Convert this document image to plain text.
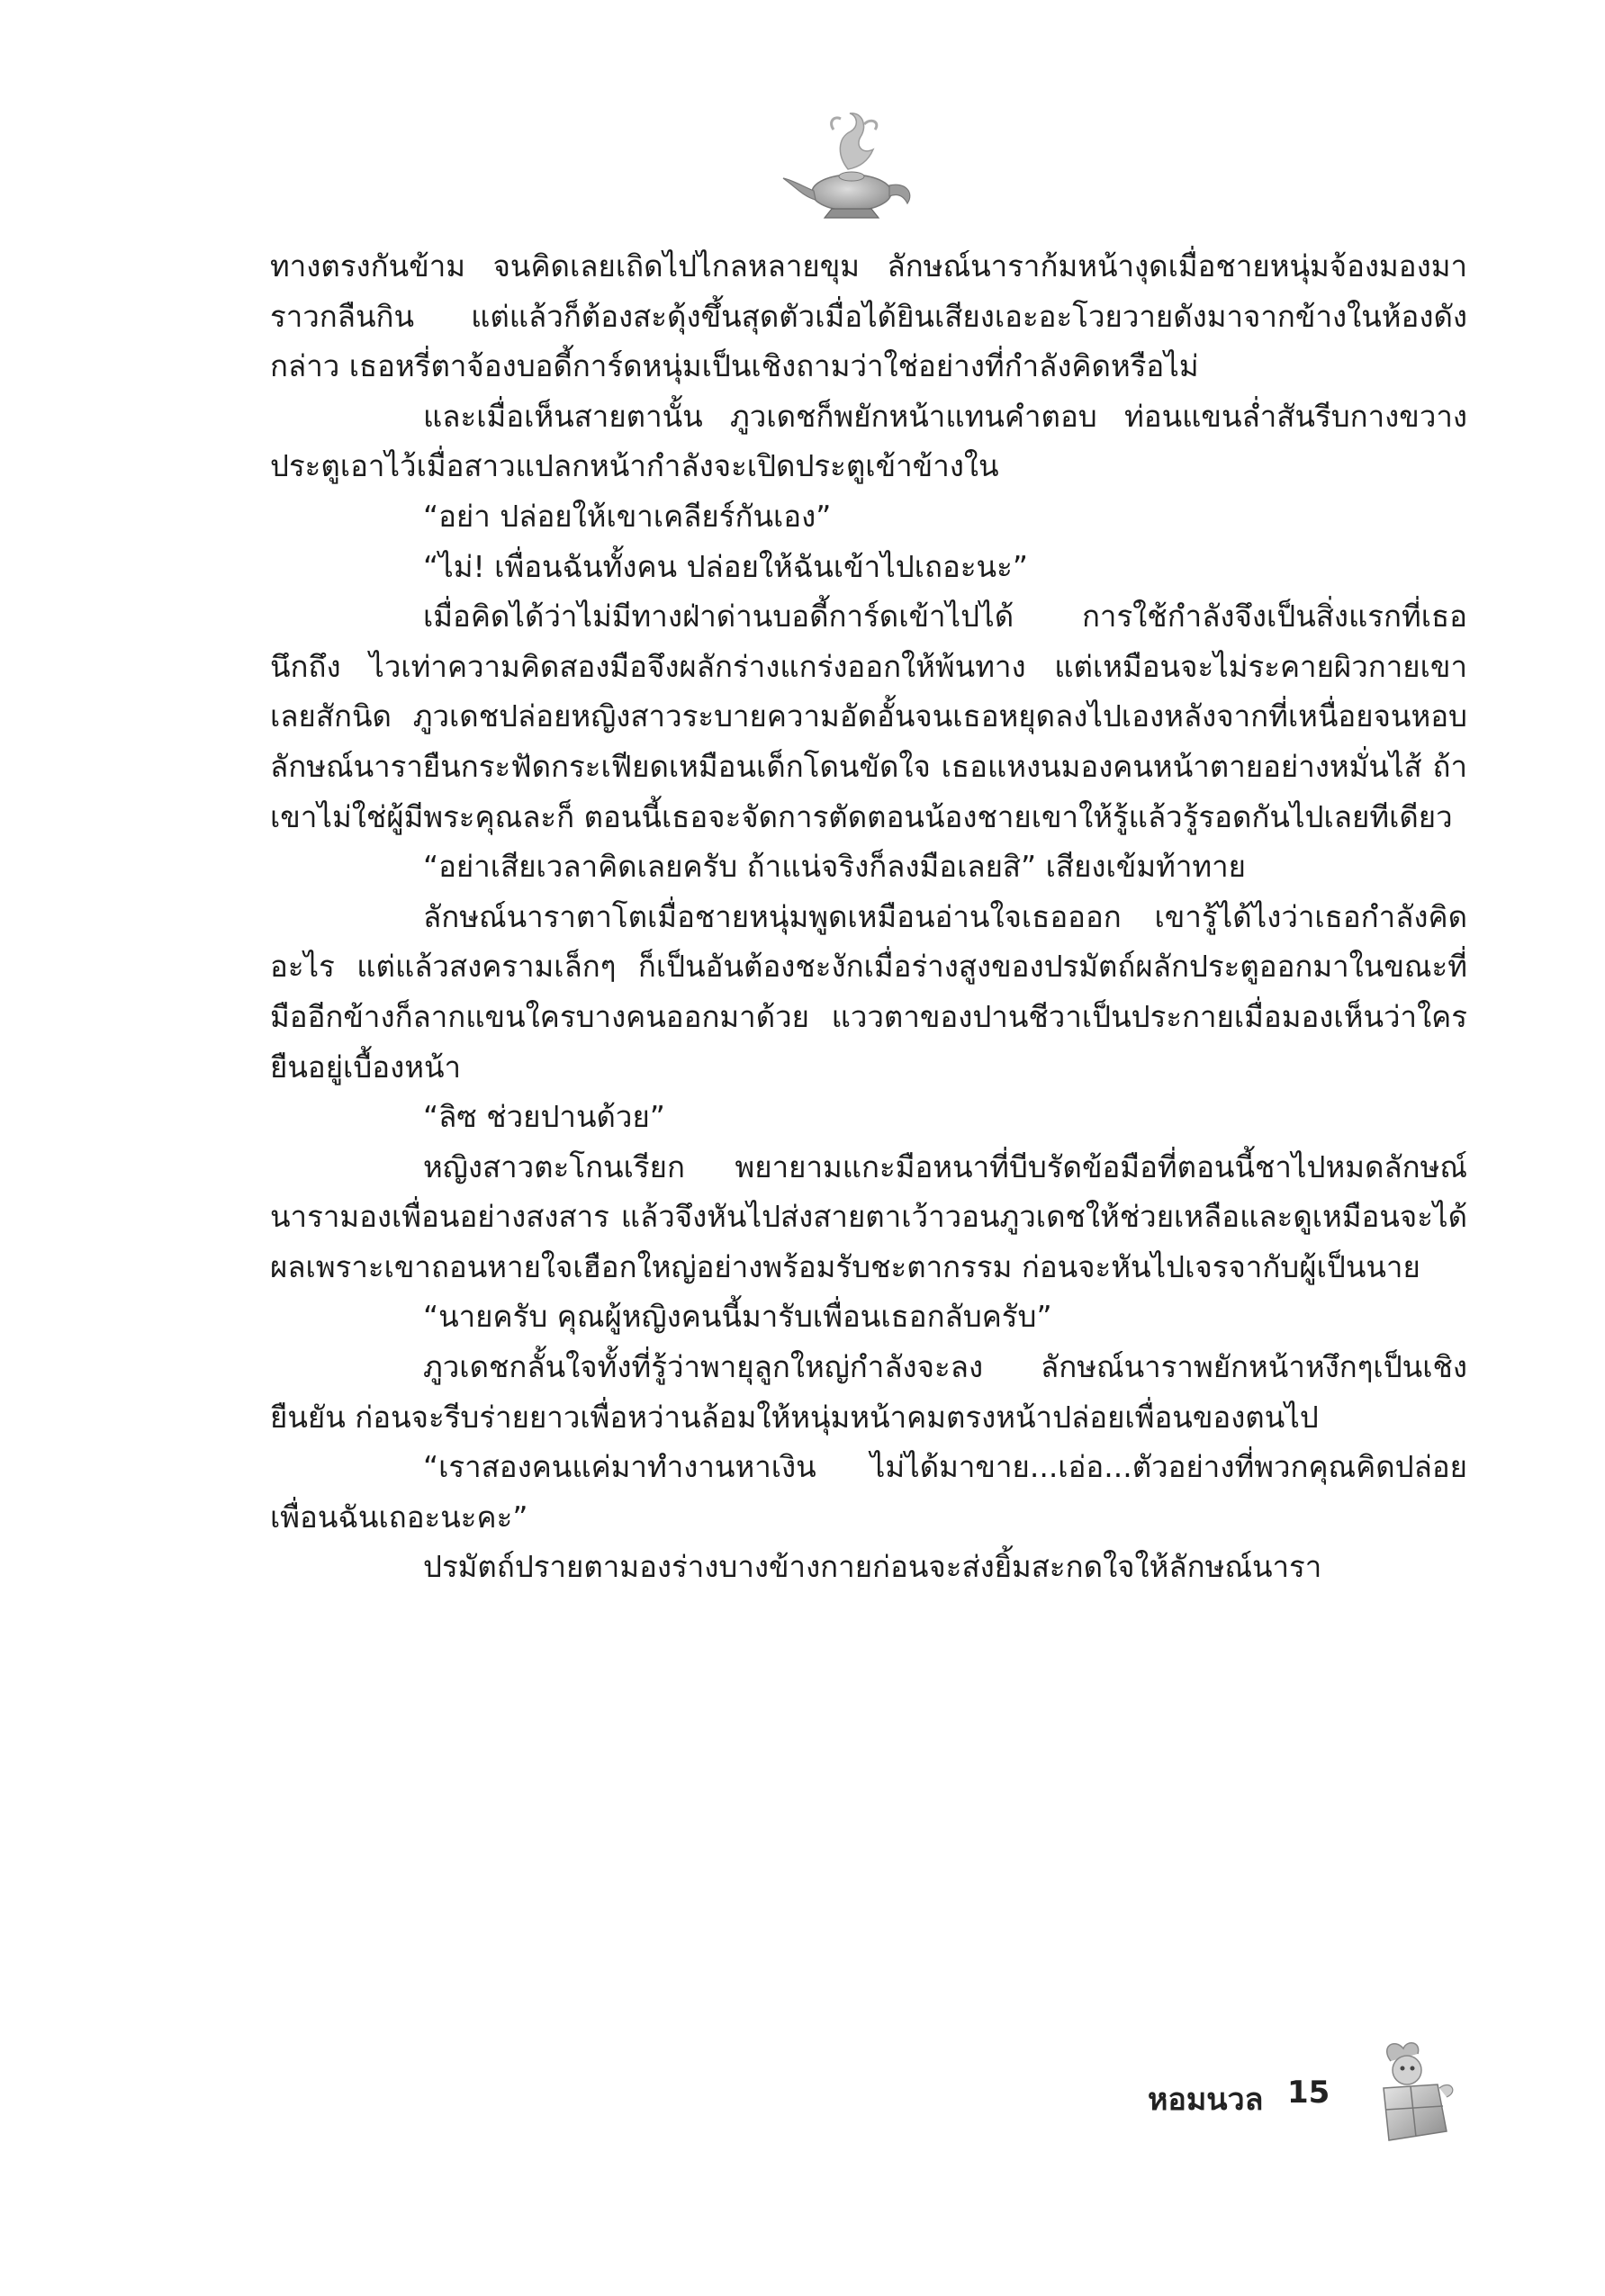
ทางตรงกันข้าม จนคิดเลยเถิดไปไกลหลายขุม ลักษณ์นาราก้มหน้างุดเมื่อชายหนุ่มจ้องมองมาราวกลืนกิน แต่แล้วก็ต้องสะดุ้งขึ้นสุดตัวเมื่อได้ยินเสียงเอะอะโวยวายดังมาจากข้างในห้องดังกล่าว เธอหรี่ตาจ้องบอดี้การ์ดหนุ่มเป็นเชิงถามว่าใช่อย่างที่กำลังคิดหรือไม่

และเมื่อเห็นสายตานั้น ภูวเดชก็พยักหน้าแทนคำตอบ ท่อนแขนล่ำสันรีบกางขวางประตูเอาไว้เมื่อสาวแปลกหน้ากำลังจะเปิดประตูเข้าข้างใน

“อย่า ปล่อยให้เขาเคลียร์กันเอง”

“ไม่! เพื่อนฉันทั้งคน ปล่อยให้ฉันเข้าไปเถอะนะ”

เมื่อคิดได้ว่าไม่มีทางฝ่าด่านบอดี้การ์ดเข้าไปได้ การใช้กำลังจึงเป็นสิ่งแรกที่เธอนึกถึง ไวเท่าความคิดสองมือจึงผลักร่างแกร่งออกให้พ้นทาง แต่เหมือนจะไม่ระคายผิวกายเขาเลยสักนิด ภูวเดชปล่อยหญิงสาวระบายความอัดอั้นจนเธอหยุดลงไปเองหลังจากที่เหนื่อยจนหอบ ลักษณ์นารายืนกระฟัดกระเฟียดเหมือนเด็กโดนขัดใจ เธอแหงนมองคนหน้าตายอย่างหมั่นไส้ ถ้าเขาไม่ใช่ผู้มีพระคุณละก็ ตอนนี้เธอจะจัดการตัดตอนน้องชายเขาให้รู้แล้วรู้รอดกันไปเลยทีเดียว

“อย่าเสียเวลาคิดเลยครับ ถ้าแน่จริงก็ลงมือเลยสิ” เสียงเข้มท้าทาย

ลักษณ์นาราตาโตเมื่อชายหนุ่มพูดเหมือนอ่านใจเธอออก เขารู้ได้ไงว่าเธอกำลังคิดอะไร แต่แล้วสงครามเล็กๆ ก็เป็นอันต้องชะงักเมื่อร่างสูงของปรมัตถ์ผลักประตูออกมาในขณะที่มืออีกข้างก็ลากแขนใครบางคนออกมาด้วย แววตาของปานชีวาเป็นประกายเมื่อมองเห็นว่าใครยืนอยู่เบื้องหน้า

“ลิซ ช่วยปานด้วย”

หญิงสาวตะโกนเรียก พยายามแกะมือหนาที่บีบรัดข้อมือที่ตอนนี้ชาไปหมดลักษณ์นารามองเพื่อนอย่างสงสาร แล้วจึงหันไปส่งสายตาเว้าวอนภูวเดชให้ช่วยเหลือและดูเหมือนจะได้ผลเพราะเขาถอนหายใจเฮือกใหญ่อย่างพร้อมรับชะตากรรม ก่อนจะหันไปเจรจากับผู้เป็นนาย

“นายครับ คุณผู้หญิงคนนี้มารับเพื่อนเธอกลับครับ”

ภูวเดชกลั้นใจทั้งที่รู้ว่าพายุลูกใหญ่กำลังจะลง ลักษณ์นาราพยักหน้าหงึกๆเป็นเชิงยืนยัน ก่อนจะรีบร่ายยาวเพื่อหว่านล้อมให้หนุ่มหน้าคมตรงหน้าปล่อยเพื่อนของตนไป

“เราสองคนแค่มาทำงานหาเงิน ไม่ได้มาขาย...เอ่อ...ตัวอย่างที่พวกคุณคิดปล่อยเพื่อนฉันเถอะนะคะ”

ปรมัตถ์ปรายตามองร่างบางข้างกายก่อนจะส่งยิ้มสะกดใจให้ลักษณ์นารา

หอมนวล 15
